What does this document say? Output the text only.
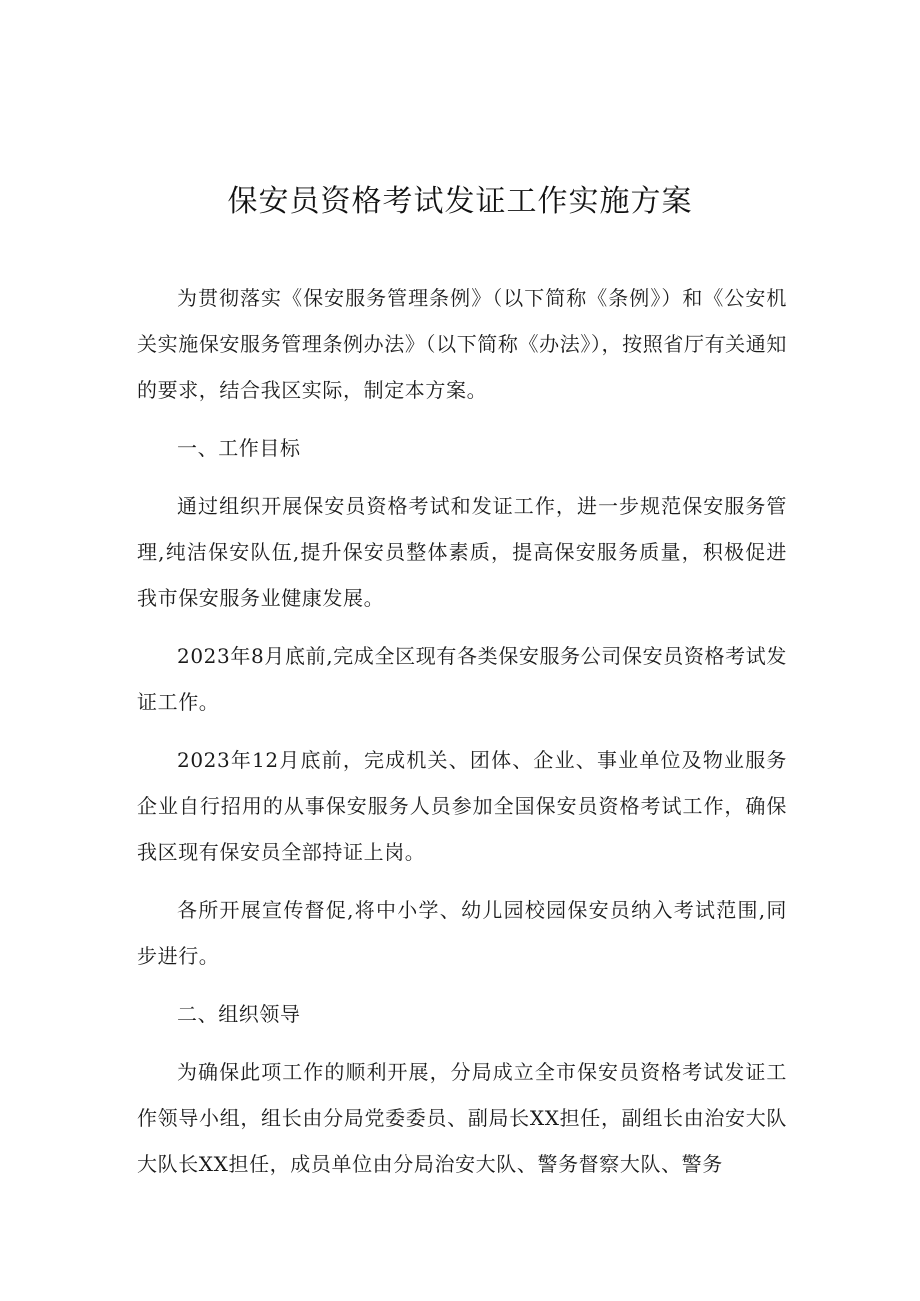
保安员资格考试发证工作实施方案

为贯彻落实《保安服务管理条例》（以下简称《条例》）和《公安机关实施保安服务管理条例办法》（以下简称《办法》），按照省厅有关通知的要求，结合我区实际，制定本方案。

一、工作目标

通过组织开展保安员资格考试和发证工作，进一步规范保安服务管理,纯洁保安队伍,提升保安员整体素质，提高保安服务质量，积极促进我市保安服务业健康发展。

2023年8月底前,完成全区现有各类保安服务公司保安员资格考试发证工作。

2023年12月底前，完成机关、团体、企业、事业单位及物业服务企业自行招用的从事保安服务人员参加全国保安员资格考试工作，确保我区现有保安员全部持证上岗。

各所开展宣传督促,将中小学、幼儿园校园保安员纳入考试范围,同步进行。

二、组织领导

为确保此项工作的顺利开展，分局成立全市保安员资格考试发证工作领导小组，组长由分局党委委员、副局长XX担任，副组长由治安大队大队长XX担任，成员单位由分局治安大队、警务督察大队、警务
